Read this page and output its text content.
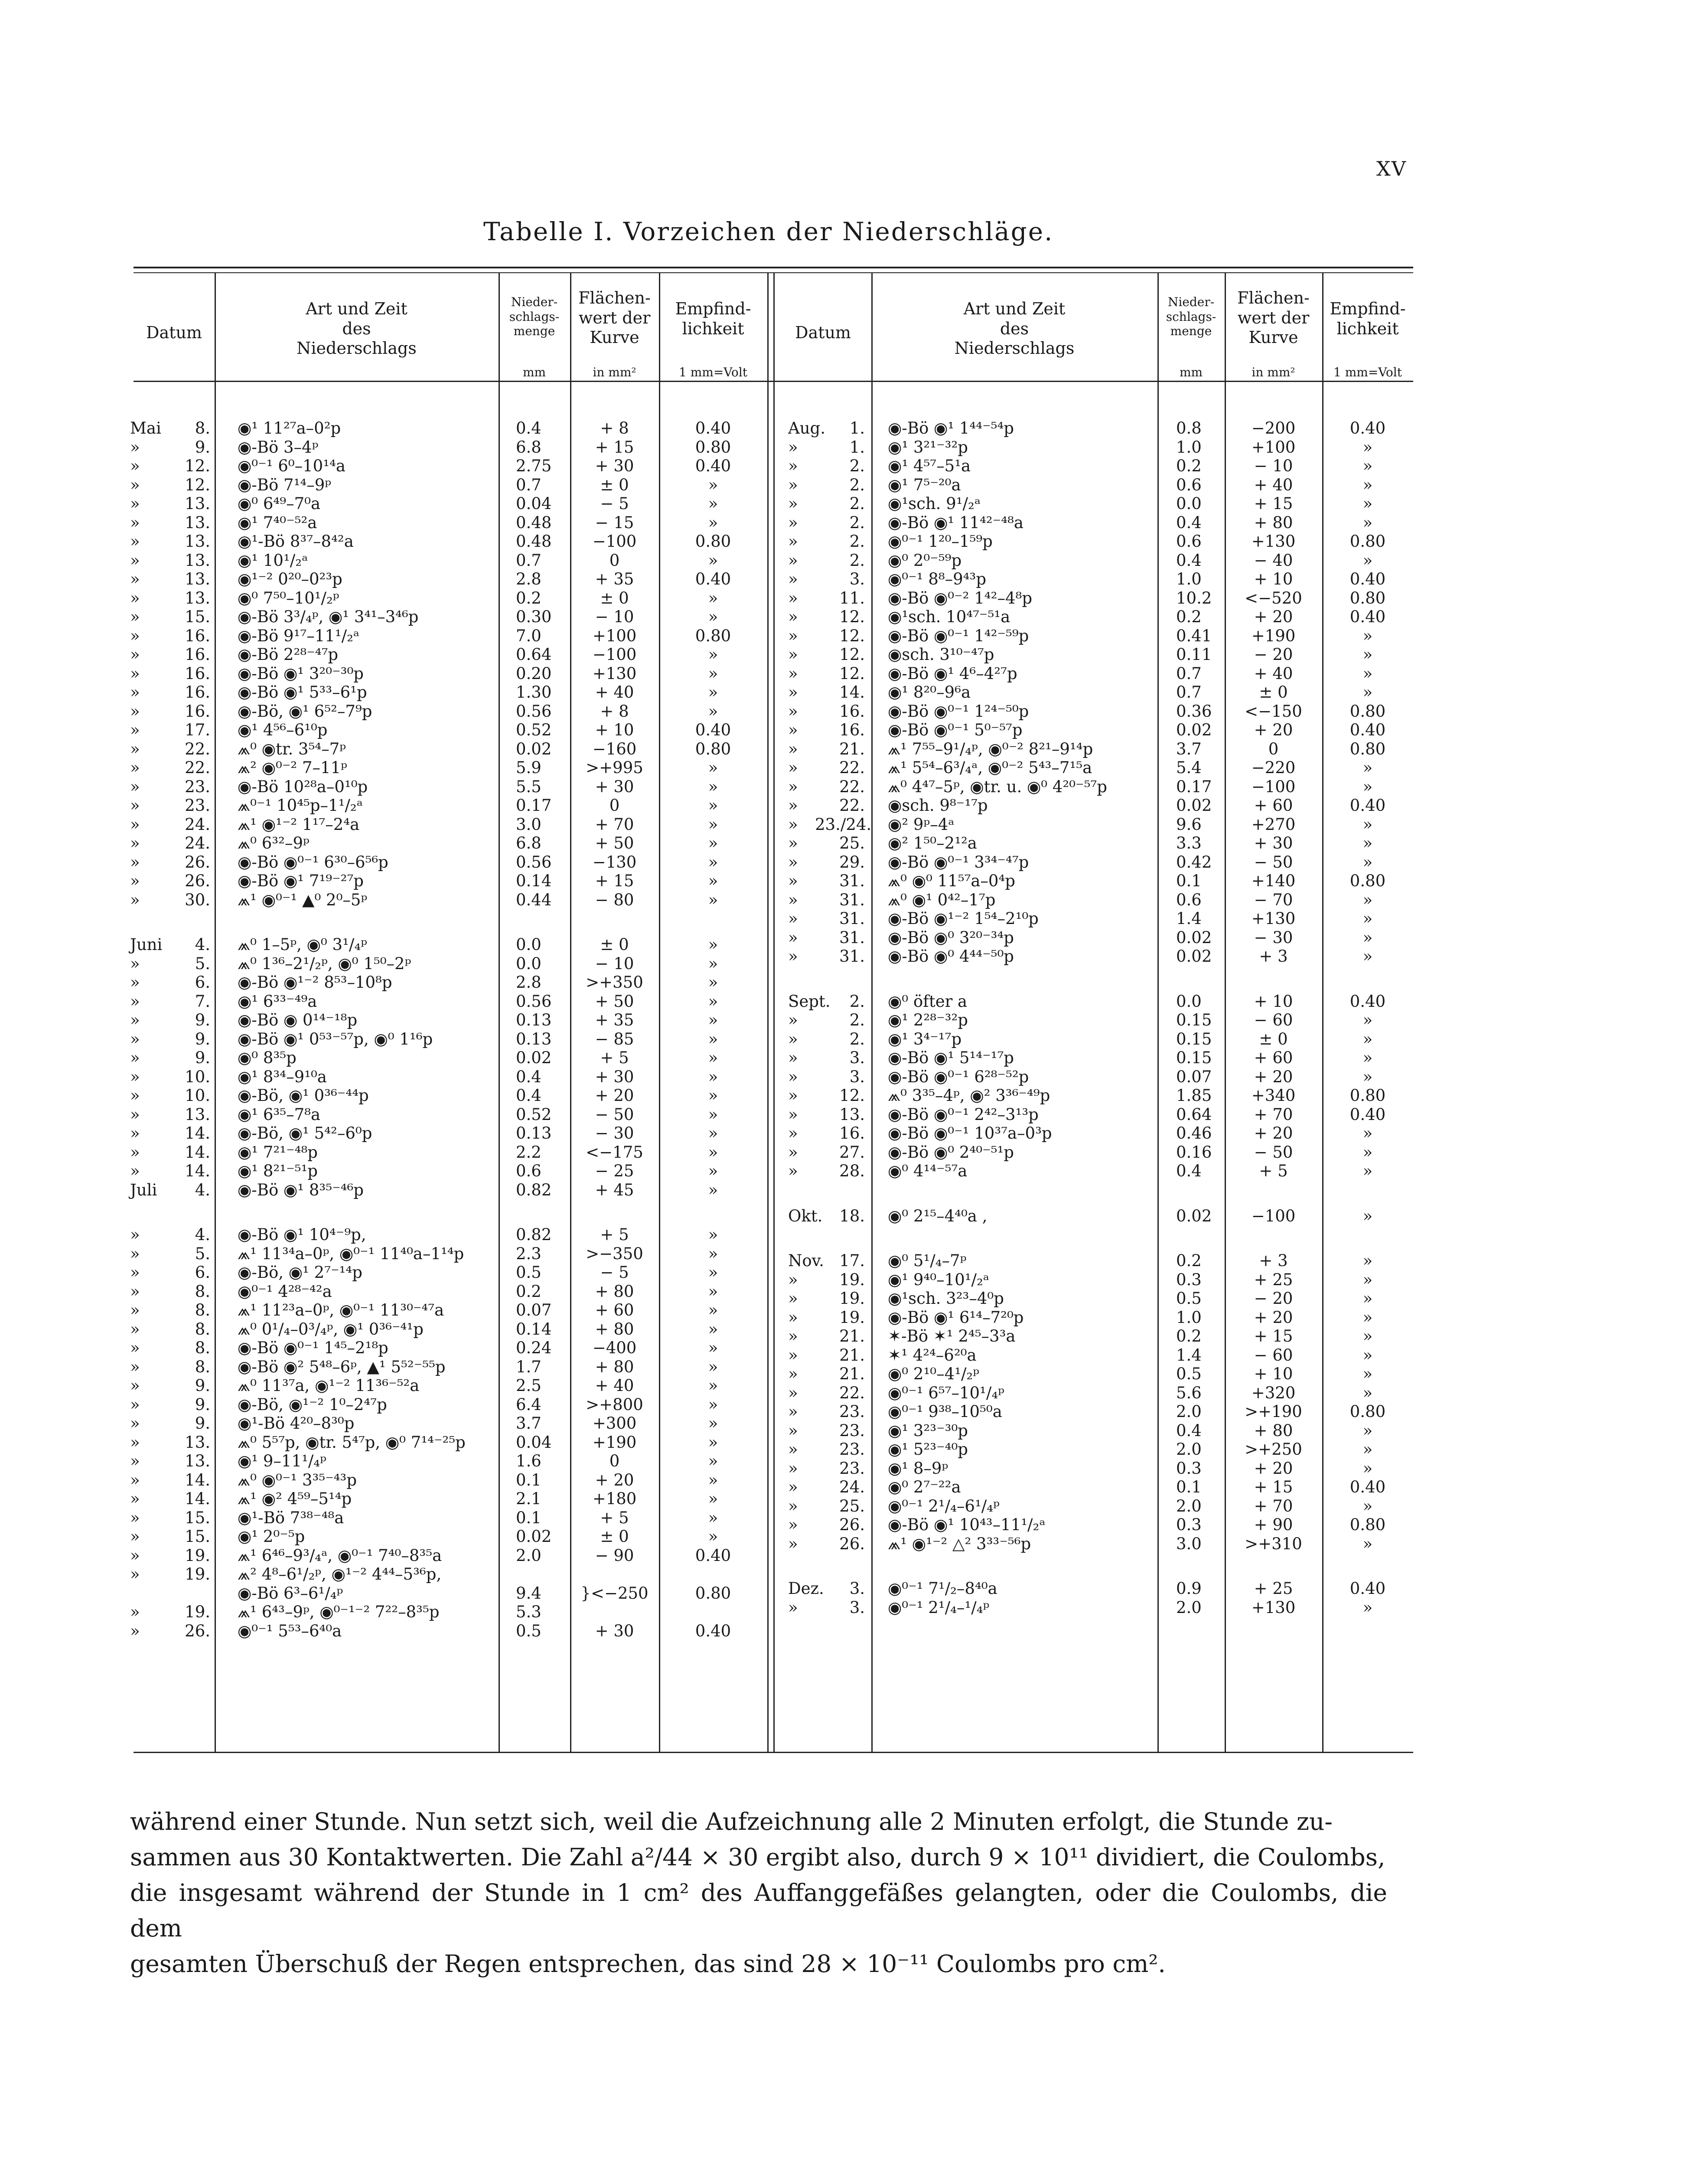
XV
Tabelle I. Vorzeichen der Niederschläge.
Datum
Art und Zeit
des
Niederschlags
Nieder-
schlags-
menge
Flächen-
wert der
Kurve
Empfind-
lichkeit
mm	in mm²	1 mm=Volt
Datum
Art und Zeit
des
Niederschlags
Nieder-
schlags-
menge
Flächen-
wert der
Kurve
Empfind-
lichkeit
mm	in mm²	1 mm=Volt
Mai	8. ◉¹ 11²⁷a–0²p	0.4	+ 8	0.40
»	9. ◉-Bö 3–4ᵖ	6.8	+ 15	0.80
»	12. ◉⁰⁻¹ 6⁰–10¹⁴a	2.75	+ 30	0.40
»	12. ◉-Bö 7¹⁴–9ᵖ	0.7	± 0	»
»	13. ◉⁰ 6⁴⁹–7⁰a	0.04	− 5	»
»	13. ◉¹ 7⁴⁰⁻⁵²a	0.48	− 15	»
»	13. ◉¹-Bö 8³⁷–8⁴²a	0.48	−100	0.80
»	13. ◉¹ 10¹/₂ᵃ	0.7	0	»
»	13. ◉¹⁻² 0²⁰–0²³p	2.8	+ 35	0.40
»	13. ◉⁰ 7⁵⁰–10¹/₂ᵖ	0.2	± 0	»
»	15. ◉-Bö 3³/₄ᵖ, ◉¹ 3⁴¹–3⁴⁶p	0.30	− 10	»
»	16. ◉-Bö 9¹⁷–11¹/₂ᵃ	7.0	+100	0.80
»	16. ◉-Bö 2²⁸⁻⁴⁷p	0.64	−100	»
»	16. ◉-Bö ◉¹ 3²⁰⁻³⁰p	0.20	+130	»
»	16. ◉-Bö ◉¹ 5³³–6¹p	1.30	+ 40	»
»	16. ◉-Bö, ◉¹ 6⁵²–7⁹p	0.56	+ 8	»
»	17. ◉¹ 4⁵⁶–6¹⁰p	0.52	+ 10	0.40
»	22. ⩕⁰ ◉tr. 3⁵⁴–7ᵖ	0.02	−160	0.80
»	22. ⩕² ◉⁰⁻² 7–11ᵖ	5.9	>+995	»
»	23. ◉-Bö 10²⁸a–0¹⁰p	5.5	+ 30	»
»	23. ⩕⁰⁻¹ 10⁴⁵p–1¹/₂ᵃ	0.17	0	»
»	24. ⩕¹ ◉¹⁻² 1¹⁷–2⁴a	3.0	+ 70	»
»	24. ⩕⁰ 6³²–9ᵖ	6.8	+ 50	»
»	26. ◉-Bö ◉⁰⁻¹ 6³⁰–6⁵⁶p	0.56	−130	»
»	26. ◉-Bö ◉¹ 7¹⁹⁻²⁷p	0.14	+ 15	»
»	30. ⩕¹ ◉⁰⁻¹ ▲⁰ 2⁰–5ᵖ	0.44	− 80	»
Juni	4. ⩕⁰ 1–5ᵖ, ◉⁰ 3¹/₄ᵖ	0.0	± 0	»
»	5. ⩕⁰ 1³⁶–2¹/₂ᵖ, ◉⁰ 1⁵⁰–2ᵖ	0.0	− 10	»
»	6. ◉-Bö ◉¹⁻² 8⁵³–10⁸p	2.8	>+350	»
»	7. ◉¹ 6³³⁻⁴⁹a	0.56	+ 50	»
»	9. ◉-Bö ◉ 0¹⁴⁻¹⁸p	0.13	+ 35	»
»	9. ◉-Bö ◉¹ 0⁵³⁻⁵⁷p, ◉⁰ 1¹⁶p	0.13	− 85	»
»	9. ◉⁰ 8³⁵p	0.02	+ 5	»
»	10. ◉¹ 8³⁴–9¹⁰a	0.4	+ 30	»
»	10. ◉-Bö, ◉¹ 0³⁶⁻⁴⁴p	0.4	+ 20	»
»	13. ◉¹ 6³⁵–7⁸a	0.52	− 50	»
»	14. ◉-Bö, ◉¹ 5⁴²–6⁰p	0.13	− 30	»
»	14. ◉¹ 7²¹⁻⁴⁸p	2.2	<−175	»
»	14. ◉¹ 8²¹⁻⁵¹p	0.6	− 25	»
Juli	4. ◉-Bö ◉¹ 8³⁵⁻⁴⁶p	0.82	+ 45	»
»	4. ◉-Bö ◉¹ 10⁴⁻⁹p,	0.82	+ 5	»
»	5. ⩕¹ 11³⁴a–0ᵖ, ◉⁰⁻¹ 11⁴⁰a–1¹⁴p	2.3	>−350	»
»	6. ◉-Bö, ◉¹ 2⁷⁻¹⁴p	0.5	− 5	»
»	8. ◉⁰⁻¹ 4²⁸⁻⁴²a	0.2	+ 80	»
»	8. ⩕¹ 11²³a–0ᵖ, ◉⁰⁻¹ 11³⁰⁻⁴⁷a	0.07	+ 60	»
»	8. ⩕⁰ 0¹/₄–0³/₄ᵖ, ◉¹ 0³⁶⁻⁴¹p	0.14	+ 80	»
»	8. ◉-Bö ◉⁰⁻¹ 1⁴⁵–2¹⁸p	0.24	−400	»
»	8. ◉-Bö ◉² 5⁴⁸–6ᵖ, ▲¹ 5⁵²⁻⁵⁵p	1.7	+ 80	»
»	9. ⩕⁰ 11³⁷a, ◉¹⁻² 11³⁶⁻⁵²a	2.5	+ 40	»
»	9. ◉-Bö, ◉¹⁻² 1⁰–2⁴⁷p	6.4	>+800	»
»	9. ◉¹-Bö 4²⁰–8³⁰p	3.7	+300	»
»	13. ⩕⁰ 5⁵⁷p, ◉tr. 5⁴⁷p, ◉⁰ 7¹⁴⁻²⁵p	0.04	+190	»
»	13. ◉¹ 9–11¹/₄ᵖ	1.6	0	»
»	14. ⩕⁰ ◉⁰⁻¹ 3³⁵⁻⁴³p	0.1	+ 20	»
»	14. ⩕¹ ◉² 4⁵⁹–5¹⁴p	2.1	+180	»
»	15. ◉¹-Bö 7³⁸⁻⁴⁸a	0.1	+ 5	»
»	15. ◉¹ 2⁰⁻⁵p	0.02	± 0	»
»	19. ⩕¹ 6⁴⁶–9³/₄ᵃ, ◉⁰⁻¹ 7⁴⁰–8³⁵a	2.0	− 90	0.40
»	19. ⩕² 4⁸–6¹/₂ᵖ, ◉¹⁻² 4⁴⁴–5³⁶p,
◉-Bö 6³–6¹/₄ᵖ	9.4	}<−250	0.80
»	19. ⩕¹ 6⁴³–9ᵖ, ◉⁰⁻¹⁻² 7²²–8³⁵p	5.3
»	26. ◉⁰⁻¹ 5⁵³–6⁴⁰a	0.5	+ 30	0.40
Aug.	1. ◉-Bö ◉¹ 1⁴⁴⁻⁵⁴p	0.8	−200	0.40
»	1. ◉¹ 3²¹⁻³²p	1.0	+100	»
»	2. ◉¹ 4⁵⁷–5¹a	0.2	− 10	»
»	2. ◉¹ 7⁵⁻²⁰a	0.6	+ 40	»
»	2. ◉¹sch. 9¹/₂ᵃ	0.0	+ 15	»
»	2. ◉-Bö ◉¹ 11⁴²⁻⁴⁸a	0.4	+ 80	»
»	2. ◉⁰⁻¹ 1²⁰–1⁵⁹p	0.6	+130	0.80
»	2. ◉⁰ 2⁰⁻⁵⁹p	0.4	− 40	»
»	3. ◉⁰⁻¹ 8⁸–9⁴³p	1.0	+ 10	0.40
»	11. ◉-Bö ◉⁰⁻² 1⁴²–4⁸p	10.2	<−520	0.80
»	12. ◉¹sch. 10⁴⁷⁻⁵¹a	0.2	+ 20	0.40
»	12. ◉-Bö ◉⁰⁻¹ 1⁴²⁻⁵⁹p	0.41	+190	»
»	12. ◉sch. 3¹⁰⁻⁴⁷p	0.11	− 20	»
»	12. ◉-Bö ◉¹ 4⁶–4²⁷p	0.7	+ 40	»
»	14. ◉¹ 8²⁰–9⁶a	0.7	± 0	»
»	16. ◉-Bö ◉⁰⁻¹ 1²⁴⁻⁵⁰p	0.36	<−150	0.80
»	16. ◉-Bö ◉⁰⁻¹ 5⁰⁻⁵⁷p	0.02	+ 20	0.40
»	21. ⩕¹ 7⁵⁵–9¹/₄ᵖ, ◉⁰⁻² 8²¹–9¹⁴p	3.7	0	0.80
»	22. ⩕¹ 5⁵⁴–6³/₄ᵃ, ◉⁰⁻² 5⁴³–7¹⁵a	5.4	−220	»
»	22. ⩕⁰ 4⁴⁷–5ᵖ, ◉tr. u. ◉⁰ 4²⁰⁻⁵⁷p	0.17	−100	»
»	22. ◉sch. 9⁸⁻¹⁷p	0.02	+ 60	0.40
»	23./24. ◉² 9ᵖ–4ᵃ	9.6	+270	»
»	25. ◉² 1⁵⁰–2¹²a	3.3	+ 30	»
»	29. ◉-Bö ◉⁰⁻¹ 3³⁴⁻⁴⁷p	0.42	− 50	»
»	31. ⩕⁰ ◉⁰ 11⁵⁷a–0⁴p	0.1	+140	0.80
»	31. ⩕⁰ ◉¹ 0⁴²–1⁷p	0.6	− 70	»
»	31. ◉-Bö ◉¹⁻² 1⁵⁴–2¹⁰p	1.4	+130	»
»	31. ◉-Bö ◉⁰ 3²⁰⁻³⁴p	0.02	− 30	»
»	31. ◉-Bö ◉⁰ 4⁴⁴⁻⁵⁰p	0.02	+ 3	»
Sept.	2. ◉⁰ öfter a	0.0	+ 10	0.40
»	2. ◉¹ 2²⁸⁻³²p	0.15	− 60	»
»	2. ◉¹ 3⁴⁻¹⁷p	0.15	± 0	»
»	3. ◉-Bö ◉¹ 5¹⁴⁻¹⁷p	0.15	+ 60	»
»	3. ◉-Bö ◉⁰⁻¹ 6²⁸⁻⁵²p	0.07	+ 20	»
»	12. ⩕⁰ 3³⁵–4ᵖ, ◉² 3³⁶⁻⁴⁹p	1.85	+340	0.80
»	13. ◉-Bö ◉⁰⁻¹ 2⁴²–3¹³p	0.64	+ 70	0.40
»	16. ◉-Bö ◉⁰⁻¹ 10³⁷a–0³p	0.46	+ 20	»
»	27. ◉-Bö ◉⁰ 2⁴⁰⁻⁵¹p	0.16	− 50	»
»	28. ◉⁰ 4¹⁴⁻⁵⁷a	0.4	+ 5	»
Okt.	18. ◉⁰ 2¹⁵–4⁴⁰a ,	0.02	−100	»
Nov. 17. ◉⁰ 5¹/₄–7ᵖ	0.2	+ 3	»
»	19. ◉¹ 9⁴⁰–10¹/₂ᵃ	0.3	+ 25	»
»	19. ◉¹sch. 3²³–4⁰p	0.5	− 20	»
»	19. ◉-Bö ◉¹ 6¹⁴–7²⁰p	1.0	+ 20	»
»	21. ✶-Bö ✶¹ 2⁴⁵–3³a	0.2	+ 15	»
»	21. ✶¹ 4²⁴–6²⁰a	1.4	− 60	»
»	21. ◉⁰ 2¹⁰–4¹/₂ᵖ	0.5	+ 10	»
»	22. ◉⁰⁻¹ 6⁵⁷–10¹/₄ᵖ	5.6	+320	»
»	23. ◉⁰⁻¹ 9³⁸–10⁵⁰a	2.0	>+190	0.80
»	23. ◉¹ 3²³⁻³⁰p	0.4	+ 80	»
»	23. ◉¹ 5²³⁻⁴⁰p	2.0	>+250	»
»	23. ◉¹ 8–9ᵖ	0.3	+ 20	»
»	24. ◉⁰ 2⁷⁻²²a	0.1	+ 15	0.40
»	25. ◉⁰⁻¹ 2¹/₄–6¹/₄ᵖ	2.0	+ 70	»
»	26. ◉-Bö ◉¹ 10⁴³–11¹/₂ᵃ	0.3	+ 90	0.80
»	26. ⩕¹ ◉¹⁻² △² 3³³⁻⁵⁶p	3.0	>+310	»
Dez.	3. ◉⁰⁻¹ 7¹/₂–8⁴⁰a	0.9	+ 25	0.40
»	3. ◉⁰⁻¹ 2¹/₄–¹/₄ᵖ	2.0	+130	»

während einer Stunde. Nun setzt sich, weil die Aufzeichnung alle 2 Minuten erfolgt, die Stunde zu-

sammen aus 30 Kontaktwerten. Die Zahl a²/44 × 30 ergibt also, durch 9 × 10¹¹ dividiert, die Coulombs,

die insgesamt während der Stunde in 1 cm² des Auffanggefäßes gelangten, oder die Coulombs, die dem

gesamten Überschuß der Regen entsprechen, das sind 28 × 10⁻¹¹ Coulombs pro cm².
